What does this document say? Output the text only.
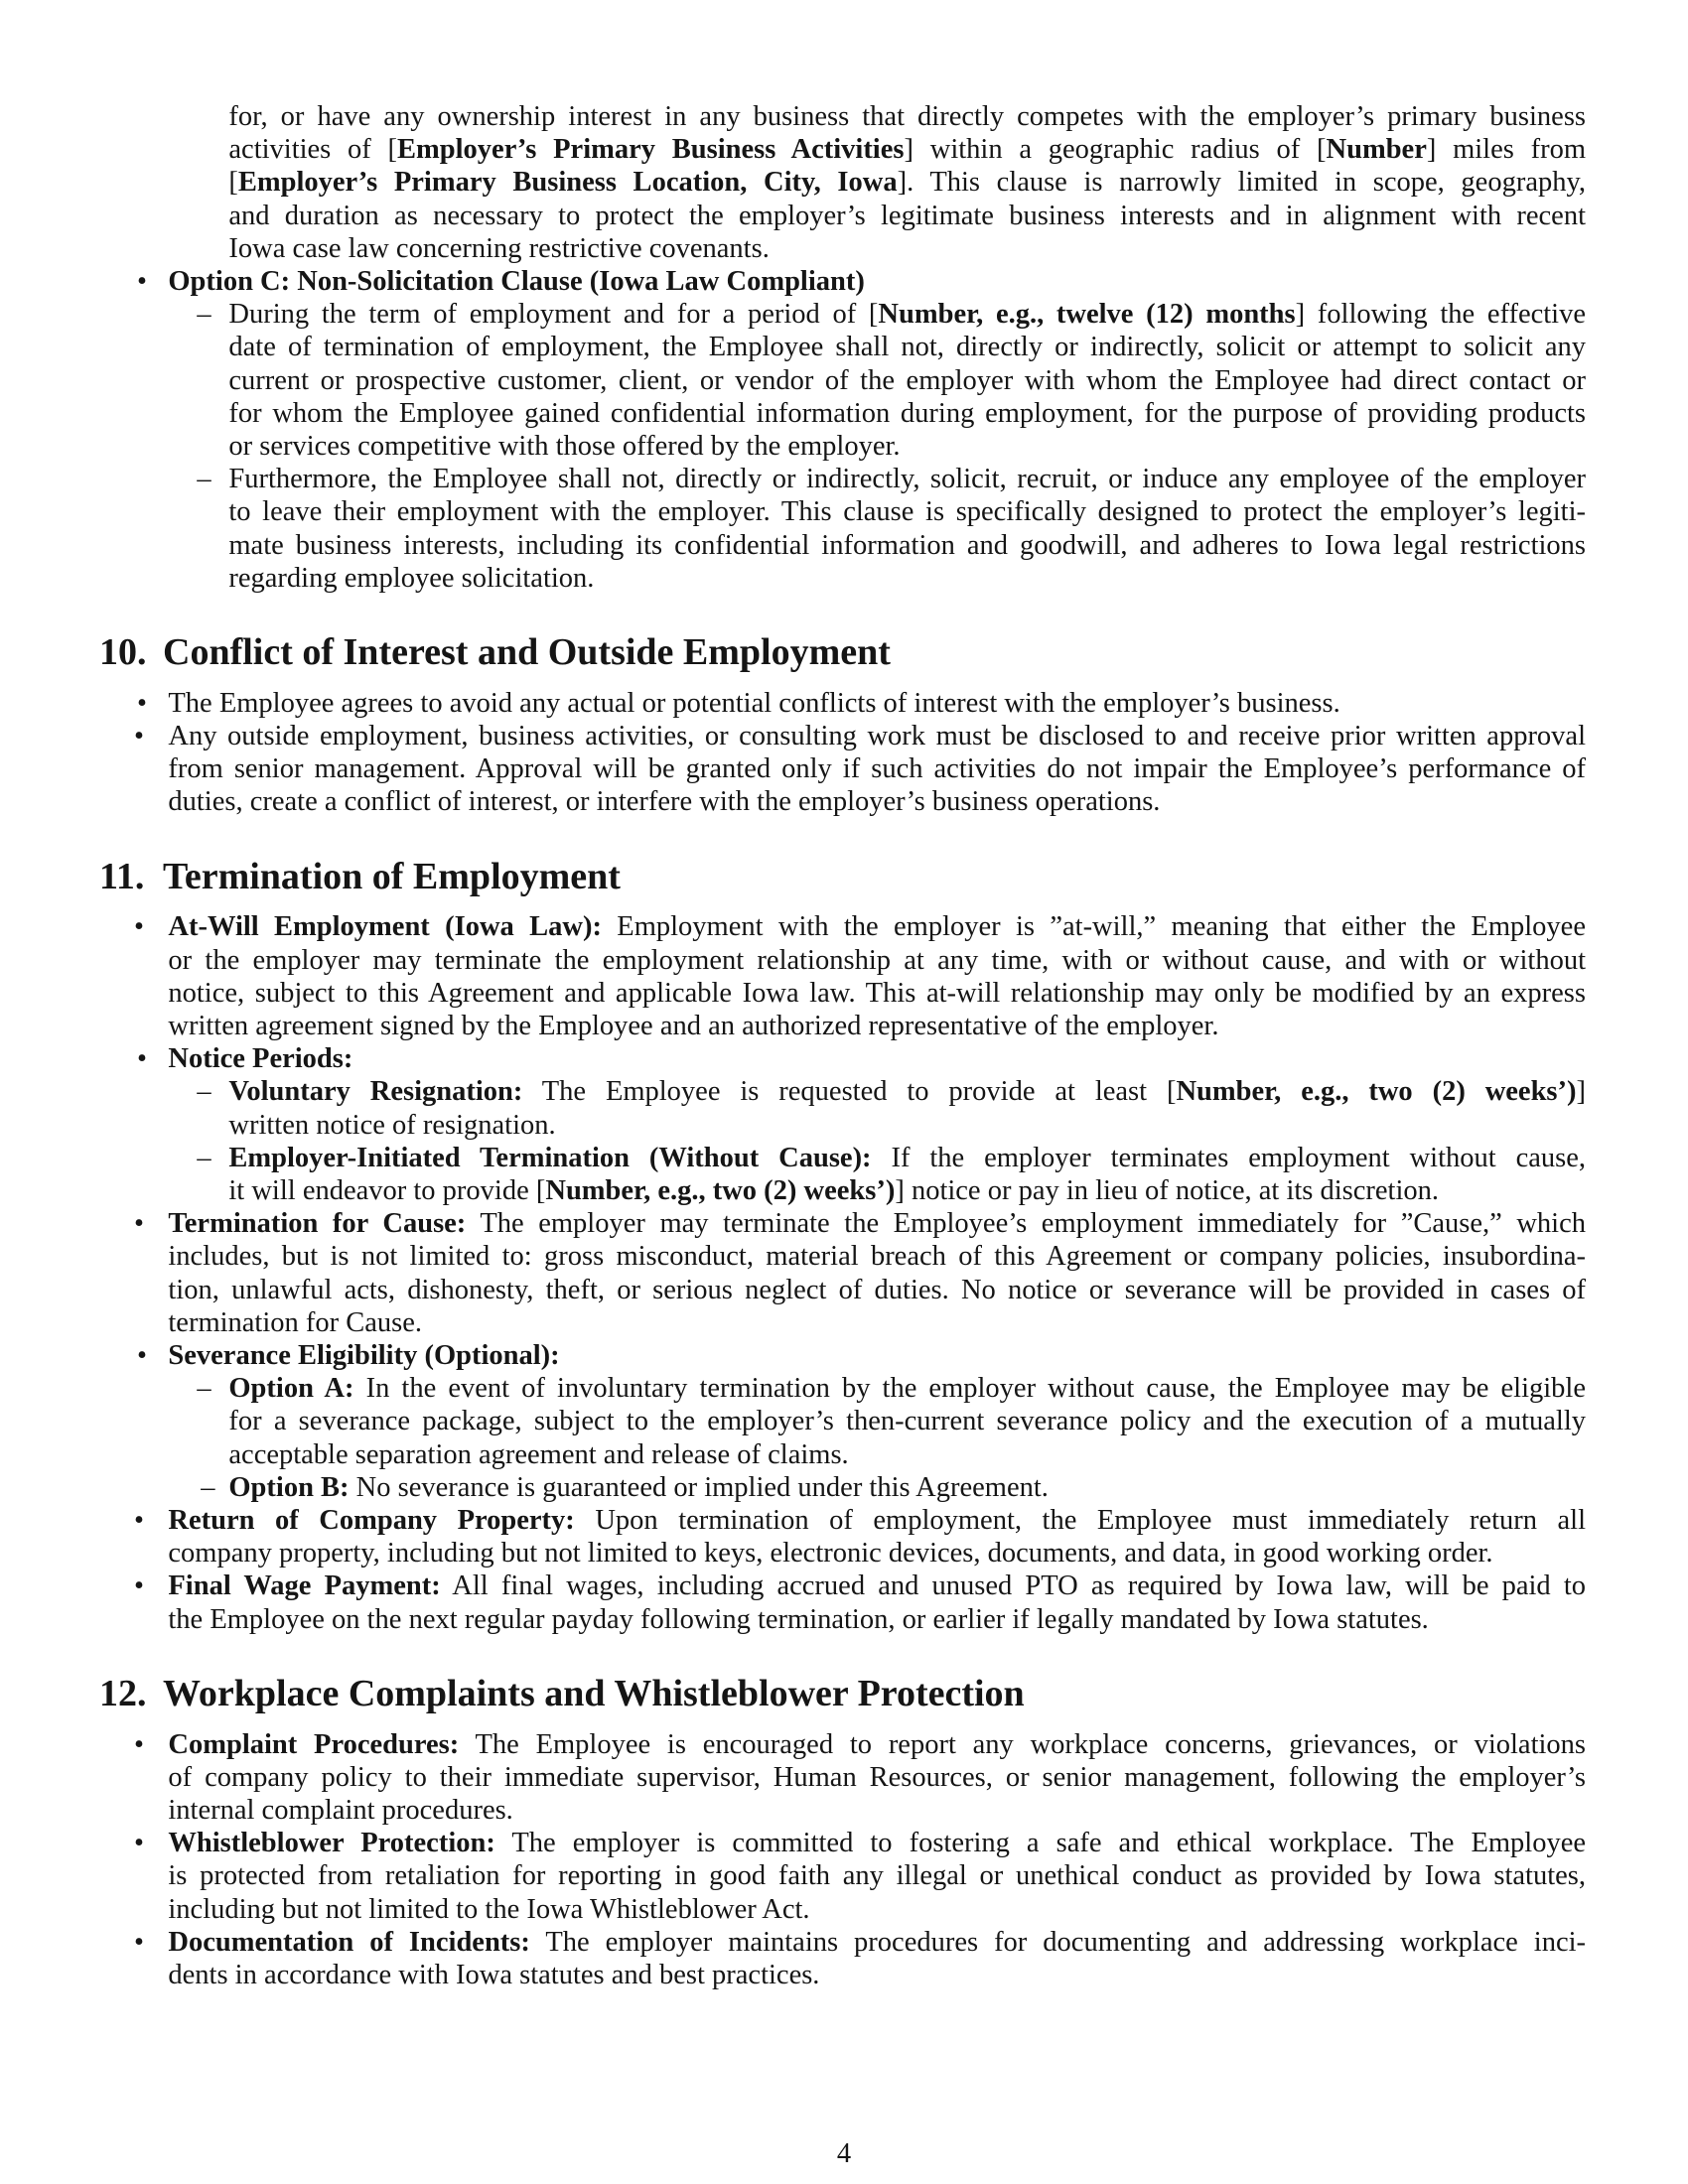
for, or have any ownership interest in any business that directly competes with the employer’s primary business
activities of [Employer’s Primary Business Activities] within a geographic radius of [Number] miles from
[Employer’s Primary Business Location, City, Iowa]. This clause is narrowly limited in scope, geography,
and duration as necessary to protect the employer’s legitimate business interests and in alignment with recent
Iowa case law concerning restrictive covenants.
• Option C: Non-Solicitation Clause (Iowa Law Compliant)
– During the term of employment and for a period of [Number, e.g., twelve (12) months] following the effective
date of termination of employment, the Employee shall not, directly or indirectly, solicit or attempt to solicit any
current or prospective customer, client, or vendor of the employer with whom the Employee had direct contact or
for whom the Employee gained confidential information during employment, for the purpose of providing products
or services competitive with those offered by the employer.
– Furthermore, the Employee shall not, directly or indirectly, solicit, recruit, or induce any employee of the employer
to leave their employment with the employer. This clause is specifically designed to protect the employer’s legiti-
mate business interests, including its confidential information and goodwill, and adheres to Iowa legal restrictions
regarding employee solicitation.
10. Conflict of Interest and Outside Employment
• The Employee agrees to avoid any actual or potential conflicts of interest with the employer’s business.
• Any outside employment, business activities, or consulting work must be disclosed to and receive prior written approval
from senior management. Approval will be granted only if such activities do not impair the Employee’s performance of
duties, create a conflict of interest, or interfere with the employer’s business operations.
11. Termination of Employment
• At-Will Employment (Iowa Law): Employment with the employer is ”at-will,” meaning that either the Employee
or the employer may terminate the employment relationship at any time, with or without cause, and with or without
notice, subject to this Agreement and applicable Iowa law. This at-will relationship may only be modified by an express
written agreement signed by the Employee and an authorized representative of the employer.
• Notice Periods:
– Voluntary Resignation: The Employee is requested to provide at least [Number, e.g., two (2) weeks’)]
written notice of resignation.
– Employer-Initiated Termination (Without Cause): If the employer terminates employment without cause,
it will endeavor to provide [Number, e.g., two (2) weeks’)] notice or pay in lieu of notice, at its discretion.
• Termination for Cause: The employer may terminate the Employee’s employment immediately for ”Cause,” which
includes, but is not limited to: gross misconduct, material breach of this Agreement or company policies, insubordina-
tion, unlawful acts, dishonesty, theft, or serious neglect of duties. No notice or severance will be provided in cases of
termination for Cause.
• Severance Eligibility (Optional):
– Option A: In the event of involuntary termination by the employer without cause, the Employee may be eligible
for a severance package, subject to the employer’s then-current severance policy and the execution of a mutually
acceptable separation agreement and release of claims.
– Option B: No severance is guaranteed or implied under this Agreement.
• Return of Company Property: Upon termination of employment, the Employee must immediately return all
company property, including but not limited to keys, electronic devices, documents, and data, in good working order.
• Final Wage Payment: All final wages, including accrued and unused PTO as required by Iowa law, will be paid to
the Employee on the next regular payday following termination, or earlier if legally mandated by Iowa statutes.
12. Workplace Complaints and Whistleblower Protection
• Complaint Procedures: The Employee is encouraged to report any workplace concerns, grievances, or violations
of company policy to their immediate supervisor, Human Resources, or senior management, following the employer’s
internal complaint procedures.
• Whistleblower Protection: The employer is committed to fostering a safe and ethical workplace. The Employee
is protected from retaliation for reporting in good faith any illegal or unethical conduct as provided by Iowa statutes,
including but not limited to the Iowa Whistleblower Act.
• Documentation of Incidents: The employer maintains procedures for documenting and addressing workplace inci-
dents in accordance with Iowa statutes and best practices.
4
